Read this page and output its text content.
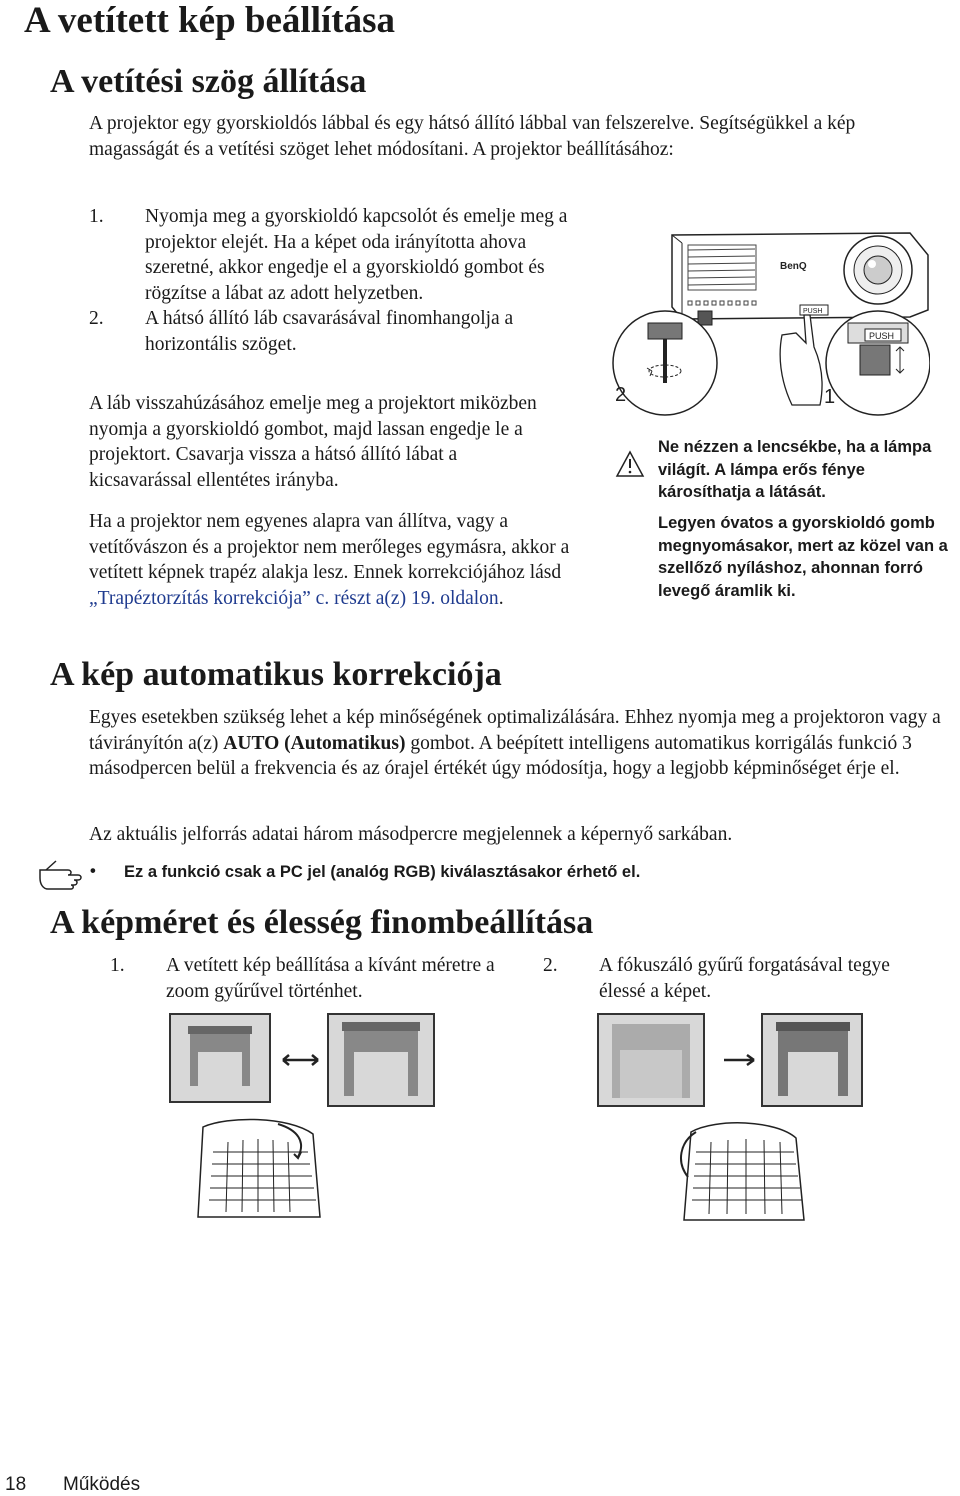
A vetített kép beállítása
A vetítési szög állítása
A projektor egy gyorskioldós lábbal és egy hátsó állító lábbal van felszerelve. Segítségükkel a kép magasságát és a vetítési szöget lehet módosítani. A projektor beállításához:
1.	Nyomja meg a gyorskioldó kapcsolót és emelje meg a projektor elejét. Ha a képet oda irányította ahova szeretné, akkor engedje el a gyorskioldó gombot és rögzítse a lábat az adott helyzetben.
2.	A hátsó állító láb csavarásával finomhangolja a horizontális szöget.
A láb visszahúzásához emelje meg a projektort miközben nyomja a gyorskioldó gombot, majd lassan engedje le a projektort. Csavarja vissza a hátsó állító lábat a kicsavarással ellentétes irányba.
Ha a projektor nem egyenes alapra van állítva, vagy a vetítővászon és a projektor nem merőleges egymásra, akkor a vetített képnek trapéz alakja lesz. Ennek korrekciójához lásd „Trapéztorzítás korrekciója” c. részt a(z) 19. oldalon.
BenQ
PUSH
PUSH
2	1
Ne nézzen a lencsékbe, ha a lámpa világít. A lámpa erős fénye károsíthatja a látását.
Legyen óvatos a gyorskioldó gomb megnyomásakor, mert az közel van a szellőző nyíláshoz, ahonnan forró levegő áramlik ki.
A kép automatikus korrekciója
Egyes esetekben szükség lehet a kép minőségének optimalizálására. Ehhez nyomja meg a projektoron vagy a távirányítón a(z) AUTO (Automatikus) gombot. A beépített intelligens automatikus korrigálás funkció 3 másodpercen belül a frekvencia és az órajel értékét úgy módosítja, hogy a legjobb képminőséget érje el.
Az aktuális jelforrás adatai három másodpercre megjelennek a képernyő sarkában.
• Ez a funkció csak a PC jel (analóg RGB) kiválasztásakor érhető el.
A képméret és élesség finombeállítása
1.	A vetített kép beállítása a kívánt méretre a zoom gyűrűvel történhet.
2.	A fókuszáló gyűrű forgatásával tegye élessé a képet.
18 Működés
